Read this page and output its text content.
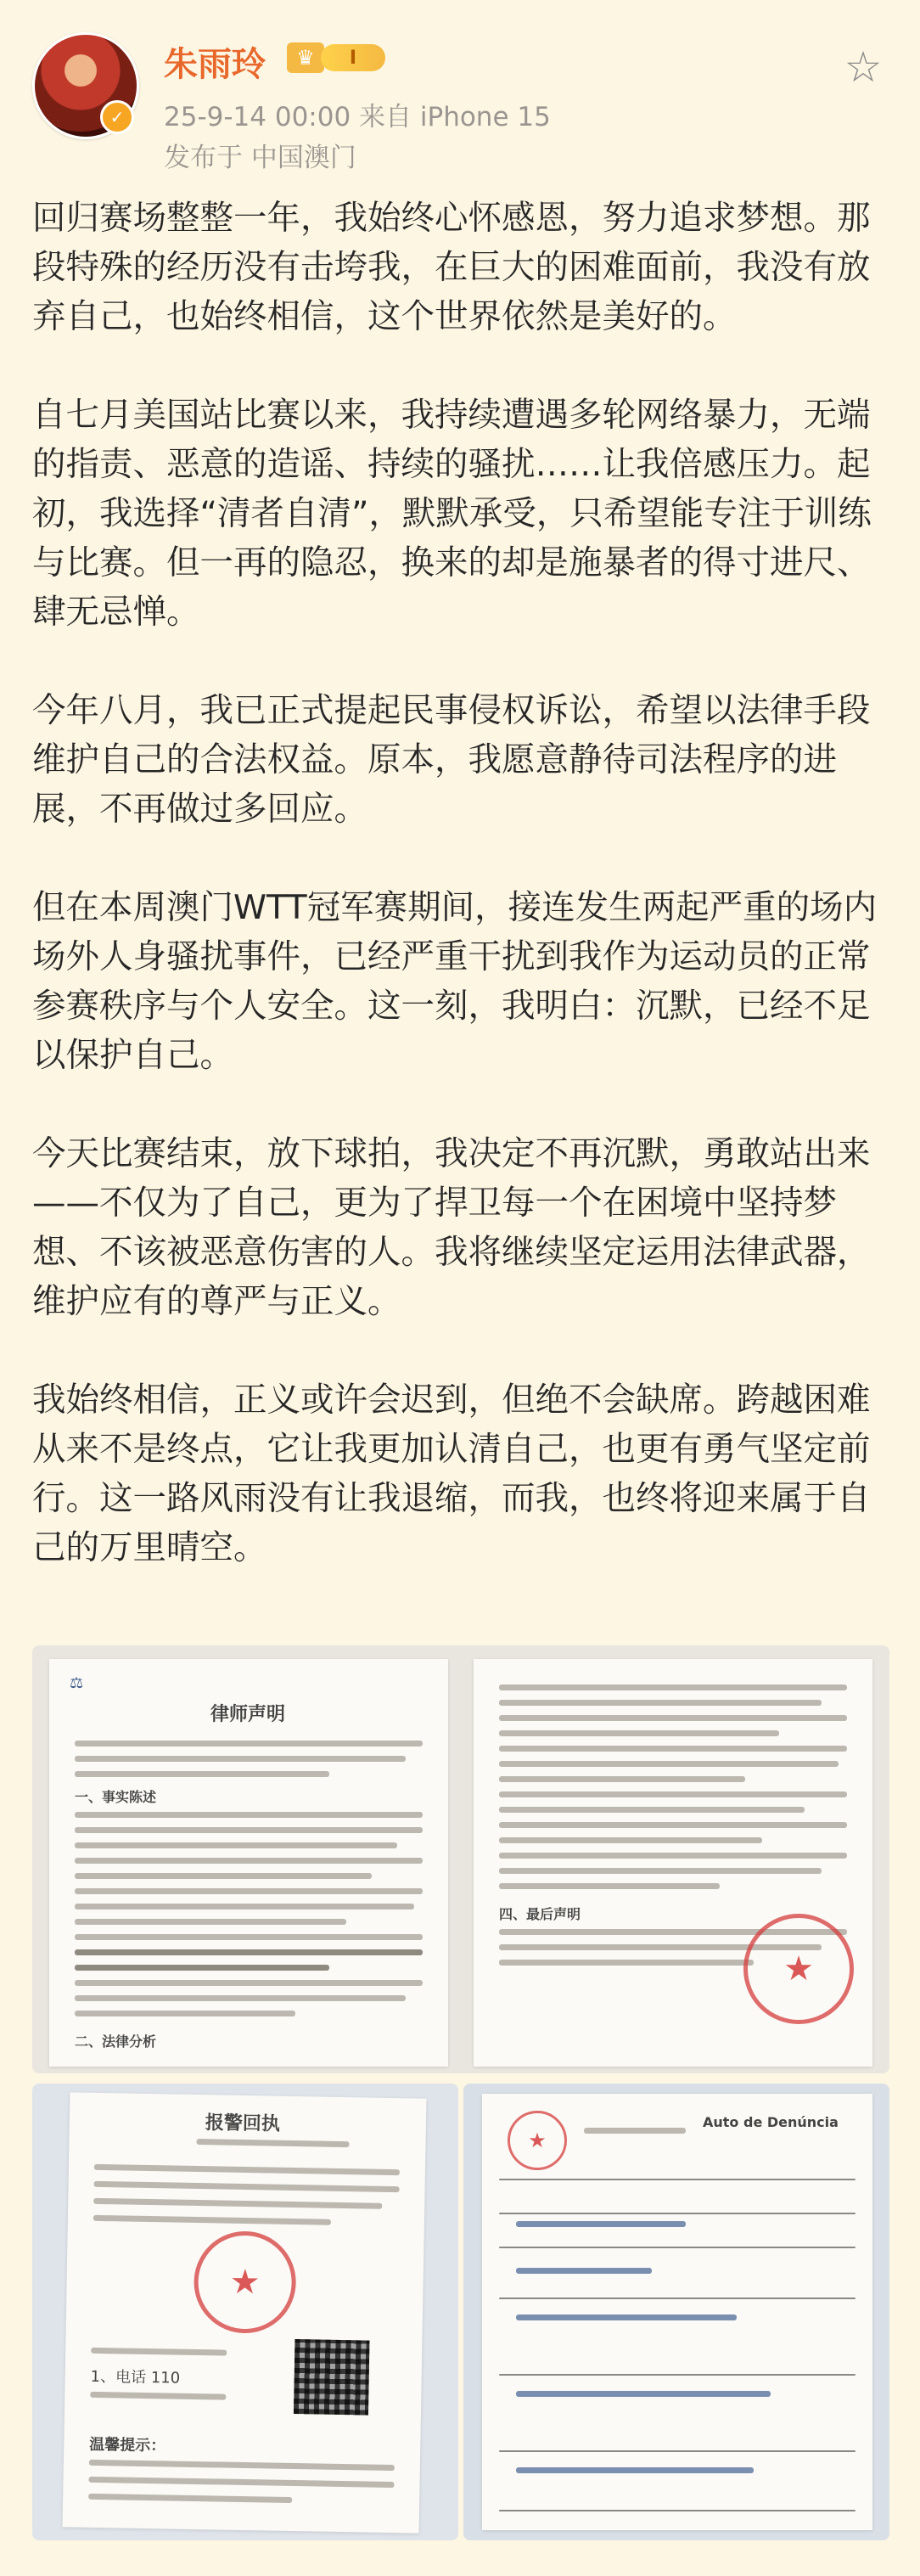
✓
朱雨玲	♛	I
25-9-14 00:00 来自 iPhone 15
发布于 中国澳门
☆

回归赛场整整一年，我始终心怀感恩，努力追求梦想。那段特殊的经历没有击垮我，在巨大的困难面前，我没有放弃自己，也始终相信，这个世界依然是美好的。

自七月美国站比赛以来，我持续遭遇多轮网络暴力，无端的指责、恶意的造谣、持续的骚扰……让我倍感压力。起初，我选择“清者自清”，默默承受，只希望能专注于训练与比赛。但一再的隐忍，换来的却是施暴者的得寸进尺、肆无忌惮。

今年八月，我已正式提起民事侵权诉讼，希望以法律手段维护自己的合法权益。原本，我愿意静待司法程序的进展，不再做过多回应。

但在本周澳门WTT冠军赛期间，接连发生两起严重的场内场外人身骚扰事件，已经严重干扰到我作为运动员的正常参赛秩序与个人安全。这一刻，我明白：沉默，已经不足以保护自己。

今天比赛结束，放下球拍，我决定不再沉默，勇敢站出来——不仅为了自己，更为了捍卫每一个在困境中坚持梦想、不该被恶意伤害的人。我将继续坚定运用法律武器，维护应有的尊严与正义。

我始终相信，正义或许会迟到，但绝不会缺席。跨越困难从来不是终点，它让我更加认清自己，也更有勇气坚定前行。这一路风雨没有让我退缩，而我，也终将迎来属于自己的万里晴空。

⚖
律师声明
一、事实陈述
二、法律分析
四、最后声明
★
报警回执
★
1、电话 110
温馨提示：
★
Auto de Denúncia
